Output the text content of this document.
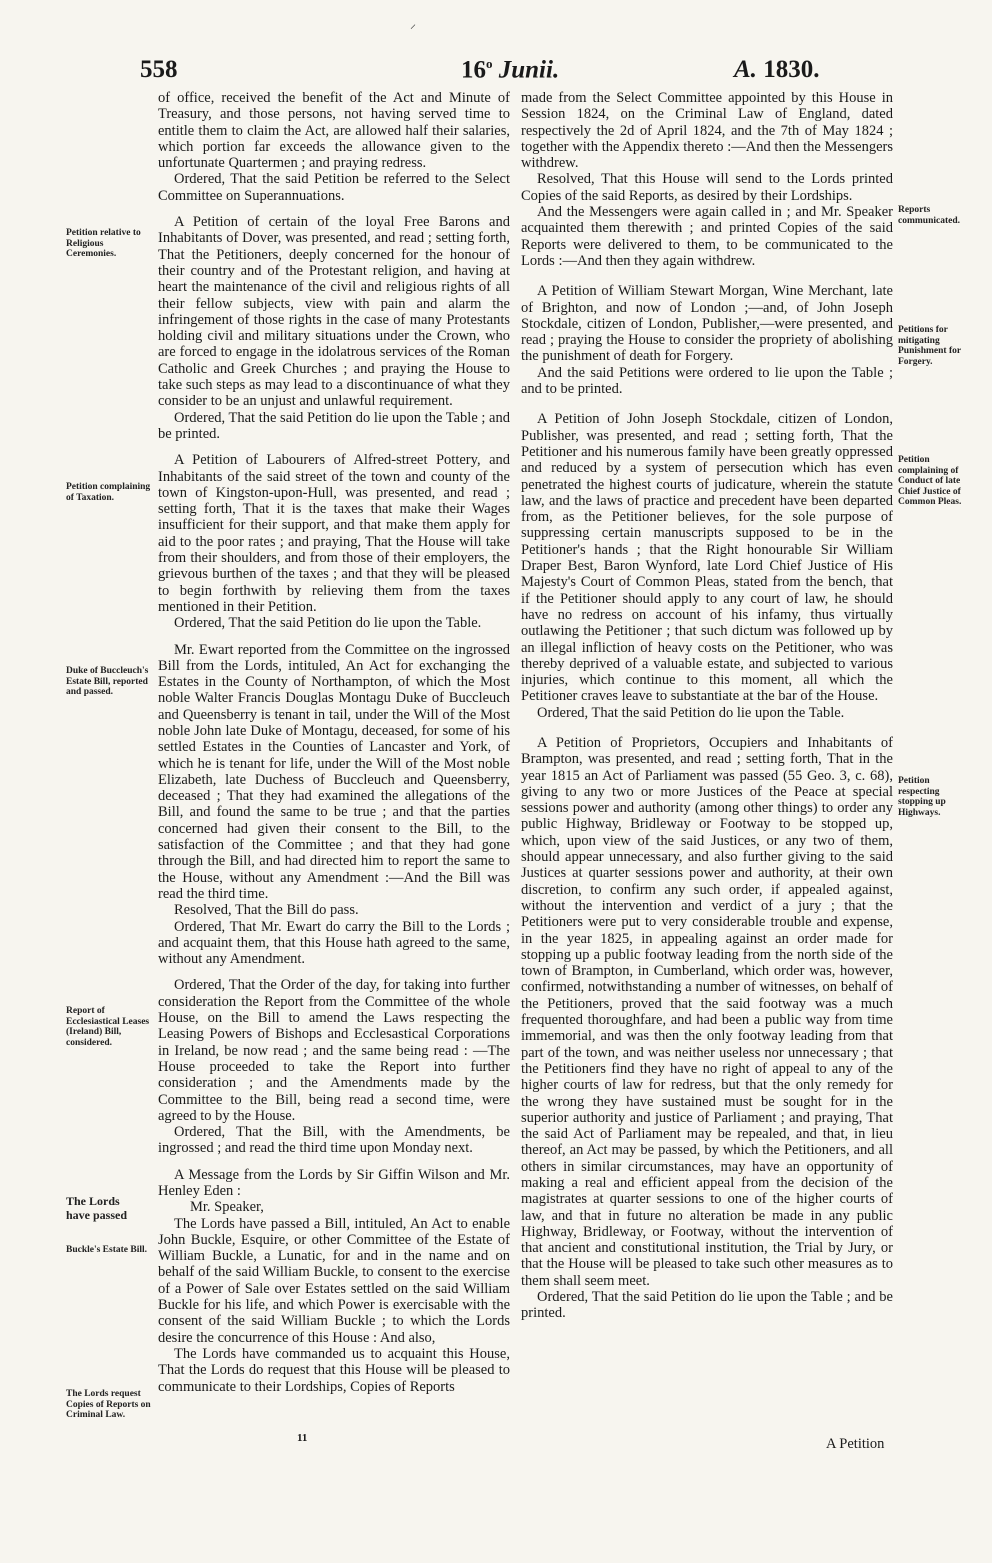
⸍
558	16$^o$ Junii.	A. 1830.
Petition relative to Religious Ceremonies.
Petition complaining of Taxation.
Duke of Buccleuch's Estate Bill, reported and passed.
Report of Ecclesiastical Leases (Ireland) Bill, considered.
The Lords have passed
Buckle's Estate Bill.
The Lords request Copies of Reports on Criminal Law.
Reports communicated.
Petitions for mitigating Punishment for Forgery.
Petition complaining of Conduct of late Chief Justice of Common Pleas.
Petition respecting stopping up Highways.

of office, received the benefit of the Act and Minute of Treasury, and those persons, not having served time to entitle them to claim the Act, are allowed half their salaries, which portion far exceeds the allowance given to the unfortunate Quartermen ; and praying redress.

Ordered, That the said Petition be referred to the Select Committee on Superannuations.

A Petition of certain of the loyal Free Barons and Inhabitants of Dover, was presented, and read ; setting forth, That the Petitioners, deeply concerned for the honour of their country and of the Protestant religion, and having at heart the maintenance of the civil and religious rights of all their fellow subjects, view with pain and alarm the infringement of those rights in the case of many Protestants holding civil and military situations under the Crown, who are forced to engage in the idolatrous services of the Roman Catholic and Greek Churches ; and praying the House to take such steps as may lead to a discontinuance of what they consider to be an unjust and unlawful requirement.

Ordered, That the said Petition do lie upon the Table ; and be printed.

A Petition of Labourers of Alfred-street Pottery, and Inhabitants of the said street of the town and county of the town of Kingston-upon-Hull, was presented, and read ; setting forth, That it is the taxes that make their Wages insufficient for their support, and that make them apply for aid to the poor rates ; and praying, That the House will take from their shoulders, and from those of their employers, the grievous burthen of the taxes ; and that they will be pleased to begin forthwith by relieving them from the taxes mentioned in their Petition.

Ordered, That the said Petition do lie upon the Table.

Mr. Ewart reported from the Committee on the ingrossed Bill from the Lords, intituled, An Act for exchanging the Estates in the County of Northampton, of which the Most noble Walter Francis Douglas Montagu Duke of Buccleuch and Queensberry is tenant in tail, under the Will of the Most noble John late Duke of Montagu, deceased, for some of his settled Estates in the Counties of Lancaster and York, of which he is tenant for life, under the Will of the Most noble Elizabeth, late Duchess of Buccleuch and Queensberry, deceased ; That they had examined the allegations of the Bill, and found the same to be true ; and that the parties concerned had given their consent to the Bill, to the satisfaction of the Committee ; and that they had gone through the Bill, and had directed him to report the same to the House, without any Amendment :—And the Bill was read the third time.

Resolved, That the Bill do pass.

Ordered, That Mr. Ewart do carry the Bill to the Lords ; and acquaint them, that this House hath agreed to the same, without any Amendment.

Ordered, That the Order of the day, for taking into further consideration the Report from the Committee of the whole House, on the Bill to amend the Laws respecting the Leasing Powers of Bishops and Ecclesastical Corporations in Ireland, be now read ; and the same being read : —The House proceeded to take the Report into further consideration ; and the Amendments made by the Committee to the Bill, being read a second time, were agreed to by the House.

Ordered, That the Bill, with the Amendments, be ingrossed ; and read the third time upon Monday next.

A Message from the Lords by Sir Giffin Wilson and Mr. Henley Eden :

Mr. Speaker,

The Lords have passed a Bill, intituled, An Act to enable John Buckle, Esquire, or other Committee of the Estate of William Buckle, a Lunatic, for and in the name and on behalf of the said William Buckle, to consent to the exercise of a Power of Sale over Estates settled on the said William Buckle for his life, and which Power is exercisable with the consent of the said William Buckle ; to which the Lords desire the concurrence of this House : And also,

The Lords have commanded us to acquaint this House, That the Lords do request that this House will be pleased to communicate to their Lordships, Copies of Reports

made from the Select Committee appointed by this House in Session 1824, on the Criminal Law of England, dated respectively the 2d of April 1824, and the 7th of May 1824 ; together with the Appendix thereto :—And then the Messengers withdrew.

Resolved, That this House will send to the Lords printed Copies of the said Reports, as desired by their Lordships.

And the Messengers were again called in ; and Mr. Speaker acquainted them therewith ; and printed Copies of the said Reports were delivered to them, to be communicated to the Lords :—And then they again withdrew.

A Petition of William Stewart Morgan, Wine Merchant, late of Brighton, and now of London ;—and, of John Joseph Stockdale, citizen of London, Publisher,—were presented, and read ; praying the House to consider the propriety of abolishing the punishment of death for Forgery.

And the said Petitions were ordered to lie upon the Table ; and to be printed.

A Petition of John Joseph Stockdale, citizen of London, Publisher, was presented, and read ; setting forth, That the Petitioner and his numerous family have been greatly oppressed and reduced by a system of persecution which has even penetrated the highest courts of judicature, wherein the statute law, and the laws of practice and precedent have been departed from, as the Petitioner believes, for the sole purpose of suppressing certain manuscripts supposed to be in the Petitioner's hands ; that the Right honourable Sir William Draper Best, Baron Wynford, late Lord Chief Justice of His Majesty's Court of Common Pleas, stated from the bench, that if the Petitioner should apply to any court of law, he should have no redress on account of his infamy, thus virtually outlawing the Petitioner ; that such dictum was followed up by an illegal infliction of heavy costs on the Petitioner, who was thereby deprived of a valuable estate, and subjected to various injuries, which continue to this moment, all which the Petitioner craves leave to substantiate at the bar of the House.

Ordered, That the said Petition do lie upon the Table.

A Petition of Proprietors, Occupiers and Inhabitants of Brampton, was presented, and read ; setting forth, That in the year 1815 an Act of Parliament was passed (55 Geo. 3, c. 68), giving to any two or more Justices of the Peace at special sessions power and authority (among other things) to order any public Highway, Bridleway or Footway to be stopped up, which, upon view of the said Justices, or any two of them, should appear unnecessary, and also further giving to the said Justices at quarter sessions power and authority, at their own discretion, to confirm any such order, if appealed against, without the intervention and verdict of a jury ; that the Petitioners were put to very considerable trouble and expense, in the year 1825, in appealing against an order made for stopping up a public footway leading from the north side of the town of Brampton, in Cumberland, which order was, however, confirmed, notwithstanding a number of witnesses, on behalf of the Petitioners, proved that the said footway was a much frequented thoroughfare, and had been a public way from time immemorial, and was then the only footway leading from that part of the town, and was neither useless nor unnecessary ; that the Petitioners find they have no right of appeal to any of the higher courts of law for redress, but that the only remedy for the wrong they have sustained must be sought for in the superior authority and justice of Parliament ; and praying, That the said Act of Parliament may be repealed, and that, in lieu thereof, an Act may be passed, by which the Petitioners, and all others in similar circumstances, may have an opportunity of making a real and efficient appeal from the decision of the magistrates at quarter sessions to one of the higher courts of law, and that in future no alteration be made in any public Highway, Bridleway, or Footway, without the intervention of that ancient and constitutional institution, the Trial by Jury, or that the House will be pleased to take such other measures as to them shall seem meet.

Ordered, That the said Petition do lie upon the Table ; and be printed.

11	A Petition
